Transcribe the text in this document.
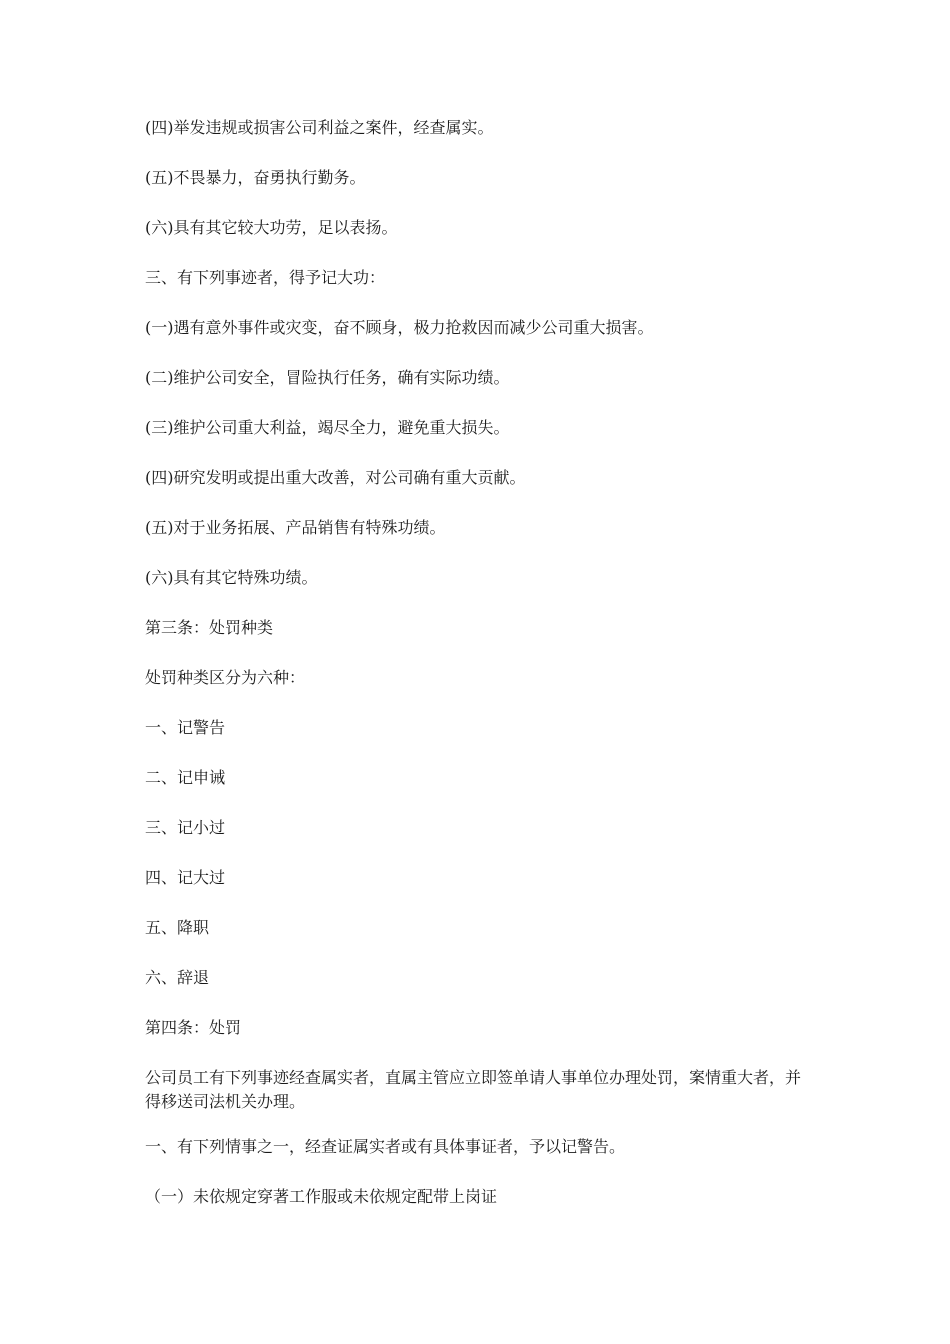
(四)举发违规或损害公司利益之案件，经查属实。

(五)不畏暴力，奋勇执行勤务。

(六)具有其它较大功劳，足以表扬。

三、有下列事迹者，得予记大功：

(一)遇有意外事件或灾变，奋不顾身，极力抢救因而减少公司重大损害。

(二)维护公司安全，冒险执行任务，确有实际功绩。

(三)维护公司重大利益，竭尽全力，避免重大损失。

(四)研究发明或提出重大改善，对公司确有重大贡献。

(五)对于业务拓展、产品销售有特殊功绩。

(六)具有其它特殊功绩。

第三条：处罚种类

处罚种类区分为六种：

一、记警告

二、记申诫

三、记小过

四、记大过

五、降职

六、辞退

第四条：处罚

公司员工有下列事迹经查属实者，直属主管应立即签单请人事单位办理处罚，案情重大者，并得移送司法机关办理。

一、有下列情事之一，经查证属实者或有具体事证者，予以记警告。

（一）未依规定穿著工作服或未依规定配带上岗证
